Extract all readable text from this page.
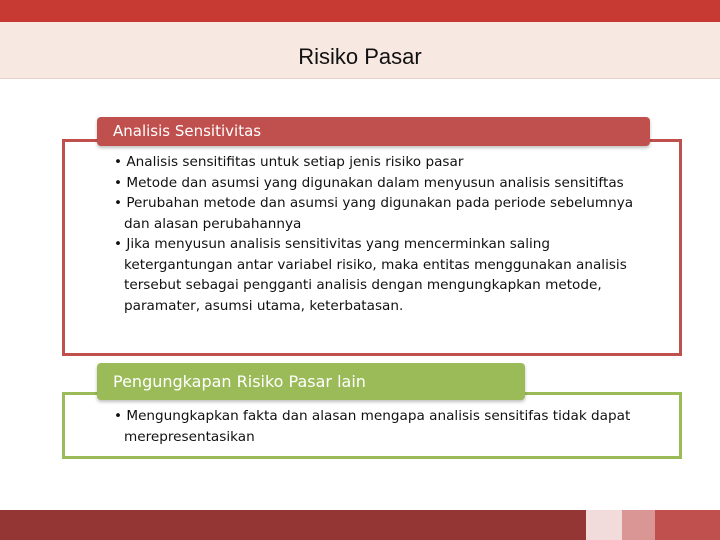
Risiko Pasar
Analisis Sensitivitas
• Analisis sensitifitas untuk setiap jenis risiko pasar
• Metode dan asumsi yang digunakan dalam menyusun analisis sensitiftas
• Perubahan metode dan asumsi yang digunakan pada periode sebelumnya dan alasan perubahannya
• Jika menyusun analisis sensitivitas yang mencerminkan saling ketergantungan antar variabel risiko, maka entitas menggunakan analisis tersebut sebagai pengganti analisis dengan mengungkapkan metode, paramater, asumsi utama, keterbatasan.
Pengungkapan Risiko Pasar lain
• Mengungkapkan fakta dan alasan mengapa analisis sensitifas tidak dapat merepresentasikan
